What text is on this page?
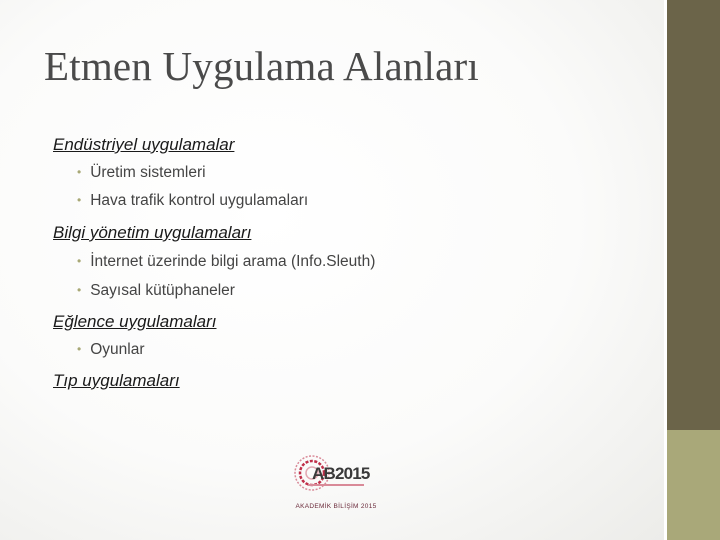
Etmen Uygulama Alanları
Endüstriyel uygulamalar
• Üretim sistemleri
• Hava trafik kontrol uygulamaları
Bilgi yönetim uygulamaları
• İnternet üzerinde bilgi arama (Info.Sleuth)
• Sayısal kütüphaneler
Eğlence uygulamaları
• Oyunlar
Tıp uygulamaları
AB2015
AKADEMİK BİLİŞİM 2015
